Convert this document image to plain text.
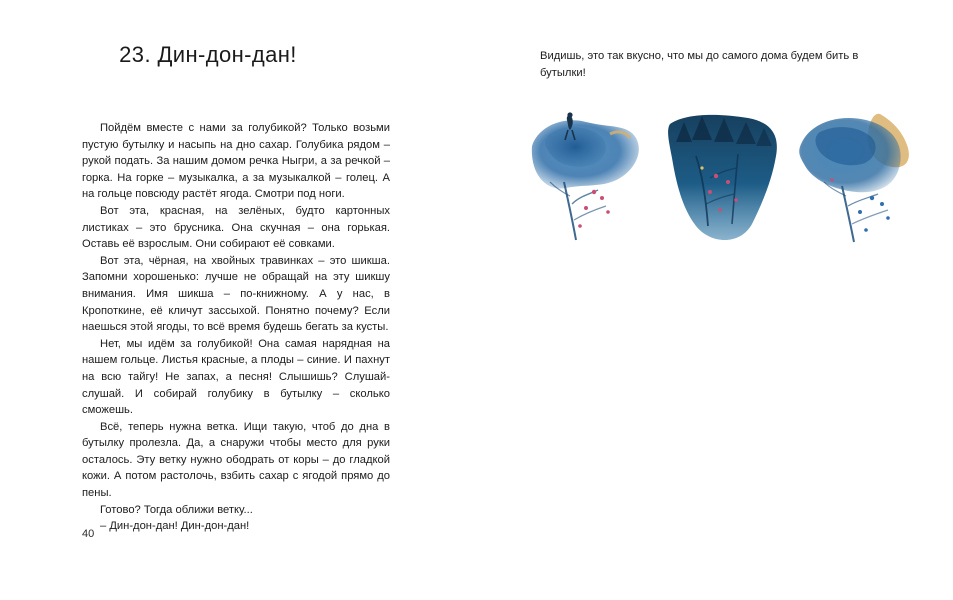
23. Дин-дон-дан!

Пойдём вместе с нами за голубикой? Только возьми пустую бутылку и насыпь на дно сахар. Голубика рядом – рукой подать. За нашим домом речка Ныгри, а за речкой – горка. На горке – музыкалка, а за музыкалкой – голец. А на гольце повсюду растёт ягода. Смотри под ноги.

Вот эта, красная, на зелёных, будто картонных листиках – это брусника. Она скучная – она горькая. Оставь её взрослым. Они собирают её совками.

Вот эта, чёрная, на хвойных травинках – это шикша. Запомни хорошенько: лучше не обращай на эту шикшу внимания. Имя шикша – по-книжному. А у нас, в Кропоткине, её кличут зассыхой. Понятно почему? Если наешься этой ягоды, то всё время будешь бегать за кусты.

Нет, мы идём за голубикой! Она самая нарядная на нашем гольце. Листья красные, а плоды – синие. И пахнут на всю тайгу! Не запах, а песня! Слышишь? Слушай-слушай. И собирай голубику в бутылку – сколько сможешь.

Всё, теперь нужна ветка. Ищи такую, чтоб до дна в бутылку пролезла. Да, а снаружи чтобы место для руки осталось. Эту ветку нужно ободрать от коры – до гладкой кожи. А потом растолочь, взбить сахар с ягодой прямо до пены.

Готово? Тогда оближи ветку...

– Дин-дон-дан! Дин-дон-дан!

40
Видишь, это так вкусно, что мы до самого дома будем бить в бутылки!
